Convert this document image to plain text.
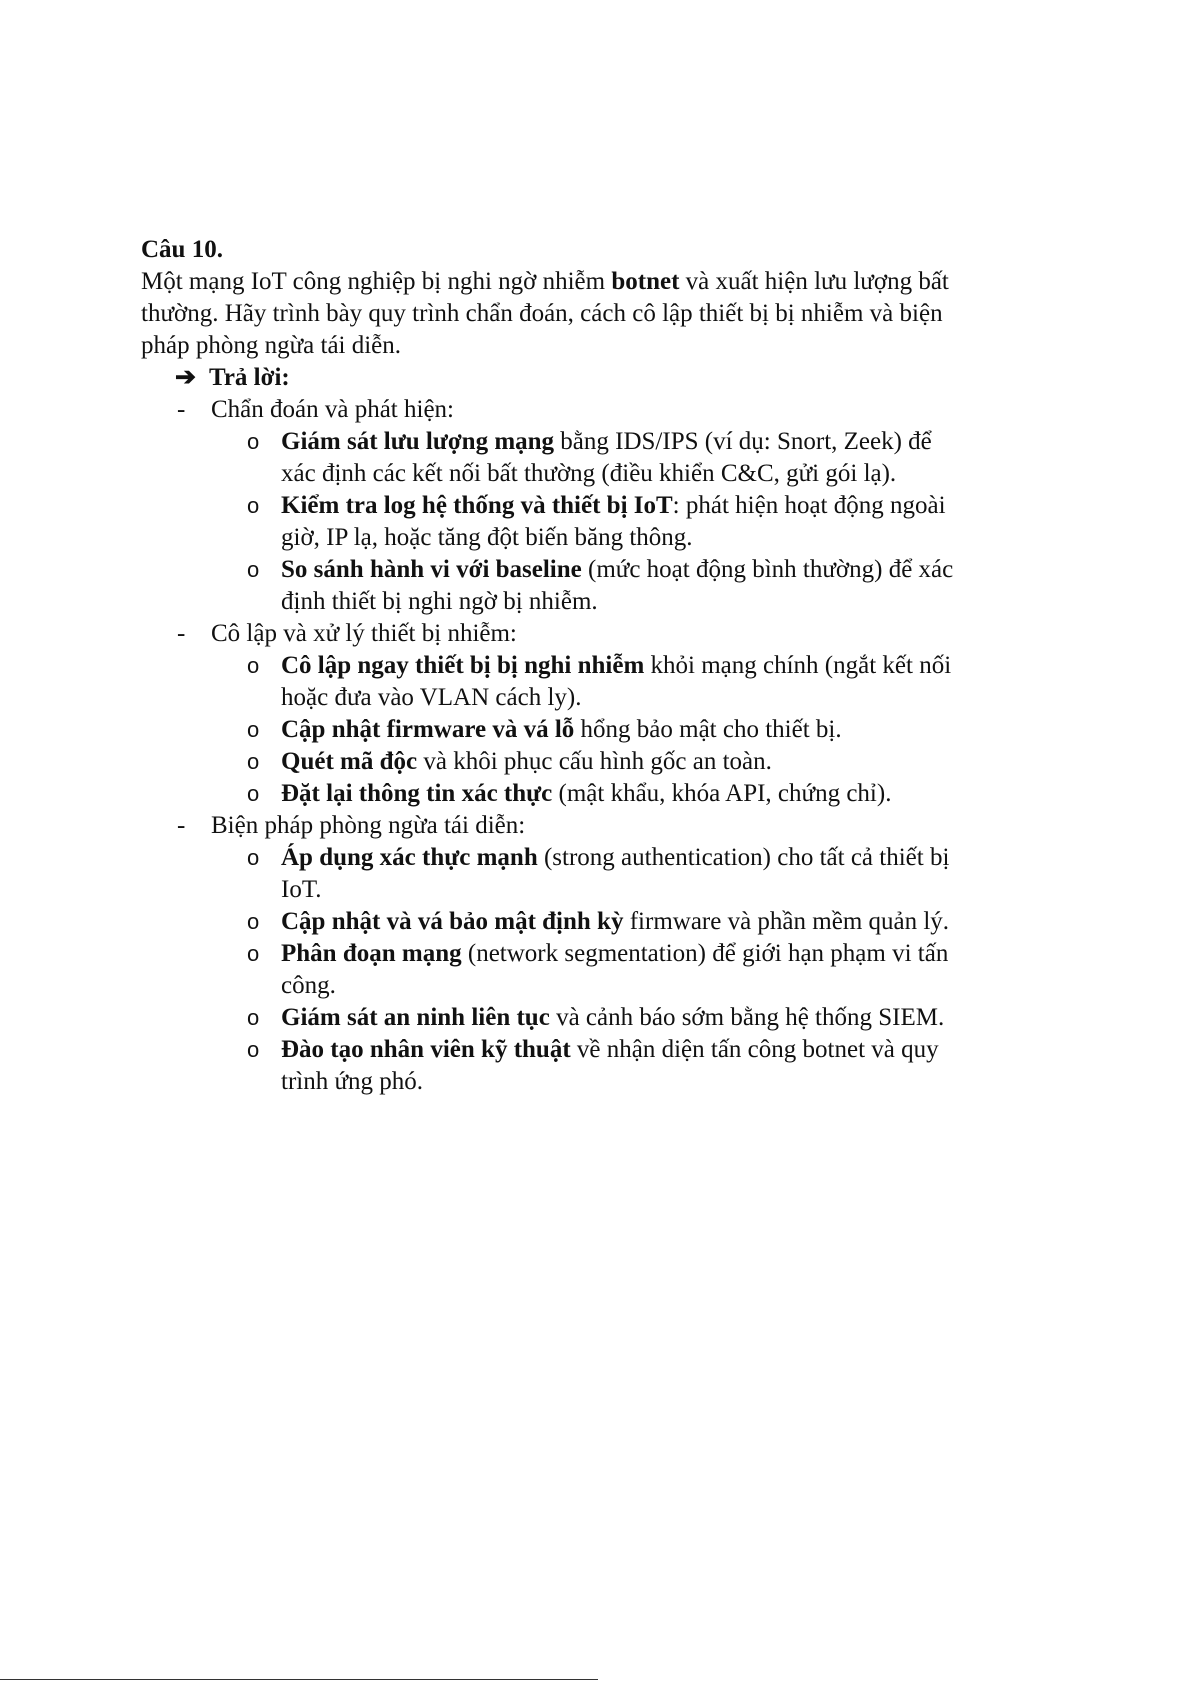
Câu 10.

Một mạng IoT công nghiệp bị nghi ngờ nhiễm botnet và xuất hiện lưu lượng bất thường. Hãy trình bày quy trình chẩn đoán, cách cô lập thiết bị bị nhiễm và biện pháp phòng ngừa tái diễn.

➔ Trả lời:

- Chẩn đoán và phát hiện:
o Giám sát lưu lượng mạng bằng IDS/IPS (ví dụ: Snort, Zeek) để xác định các kết nối bất thường (điều khiển C&C, gửi gói lạ).
o Kiểm tra log hệ thống và thiết bị IoT: phát hiện hoạt động ngoài giờ, IP lạ, hoặc tăng đột biến băng thông.
o So sánh hành vi với baseline (mức hoạt động bình thường) để xác định thiết bị nghi ngờ bị nhiễm.
- Cô lập và xử lý thiết bị nhiễm:
o Cô lập ngay thiết bị bị nghi nhiễm khỏi mạng chính (ngắt kết nối hoặc đưa vào VLAN cách ly).
o Cập nhật firmware và vá lỗ hổng bảo mật cho thiết bị.
o Quét mã độc và khôi phục cấu hình gốc an toàn.
o Đặt lại thông tin xác thực (mật khẩu, khóa API, chứng chỉ).
- Biện pháp phòng ngừa tái diễn:
o Áp dụng xác thực mạnh (strong authentication) cho tất cả thiết bị IoT.
o Cập nhật và vá bảo mật định kỳ firmware và phần mềm quản lý.
o Phân đoạn mạng (network segmentation) để giới hạn phạm vi tấn công.
o Giám sát an ninh liên tục và cảnh báo sớm bằng hệ thống SIEM.
o Đào tạo nhân viên kỹ thuật về nhận diện tấn công botnet và quy trình ứng phó.
